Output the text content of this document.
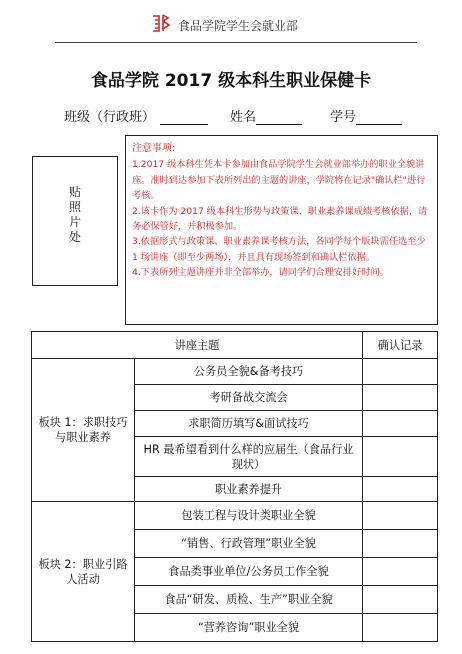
食品学院学生会就业部
食品学院 2017 级本科生职业保健卡
班级（行政班）	姓名	学号
贴
照
片
处

注意事项:

1.2017 级本科生凭本卡参加由食品学院学生会就业部举办的职业全貌讲座。准时到达参加下表所列出的主题的讲座，学院将在记录"确认栏"进行考核。

2.该卡作为 2017 级本科生形势与政策课、职业素养课成绩考核依据，请务必保管好，并积极参加。

3.依据形式与政策课、职业素养课考核方法，各同学每个版块需任选至少 1 场讲座（即至少两场），并且具有现场签到和确认栏依据。

4.下表所列主题讲座并非全部举办，请同学们合理安排好时间。

讲座主题		确认记录
板块 1：求职技巧与职业素养	公务员全貌&备考技巧	
	考研备战交流会	
	求职简历填写&面试技巧	
	HR 最希望看到什么样的应届生（食品行业现状）	
	职业素养提升	
板块 2：职业引路人活动	包装工程与设计类职业全貌	
	“销售、行政管理”职业全貌	
	食品类事业单位/公务员工作全貌	
	食品“研发、质检、生产”职业全貌	
	“营养咨询”职业全貌	
